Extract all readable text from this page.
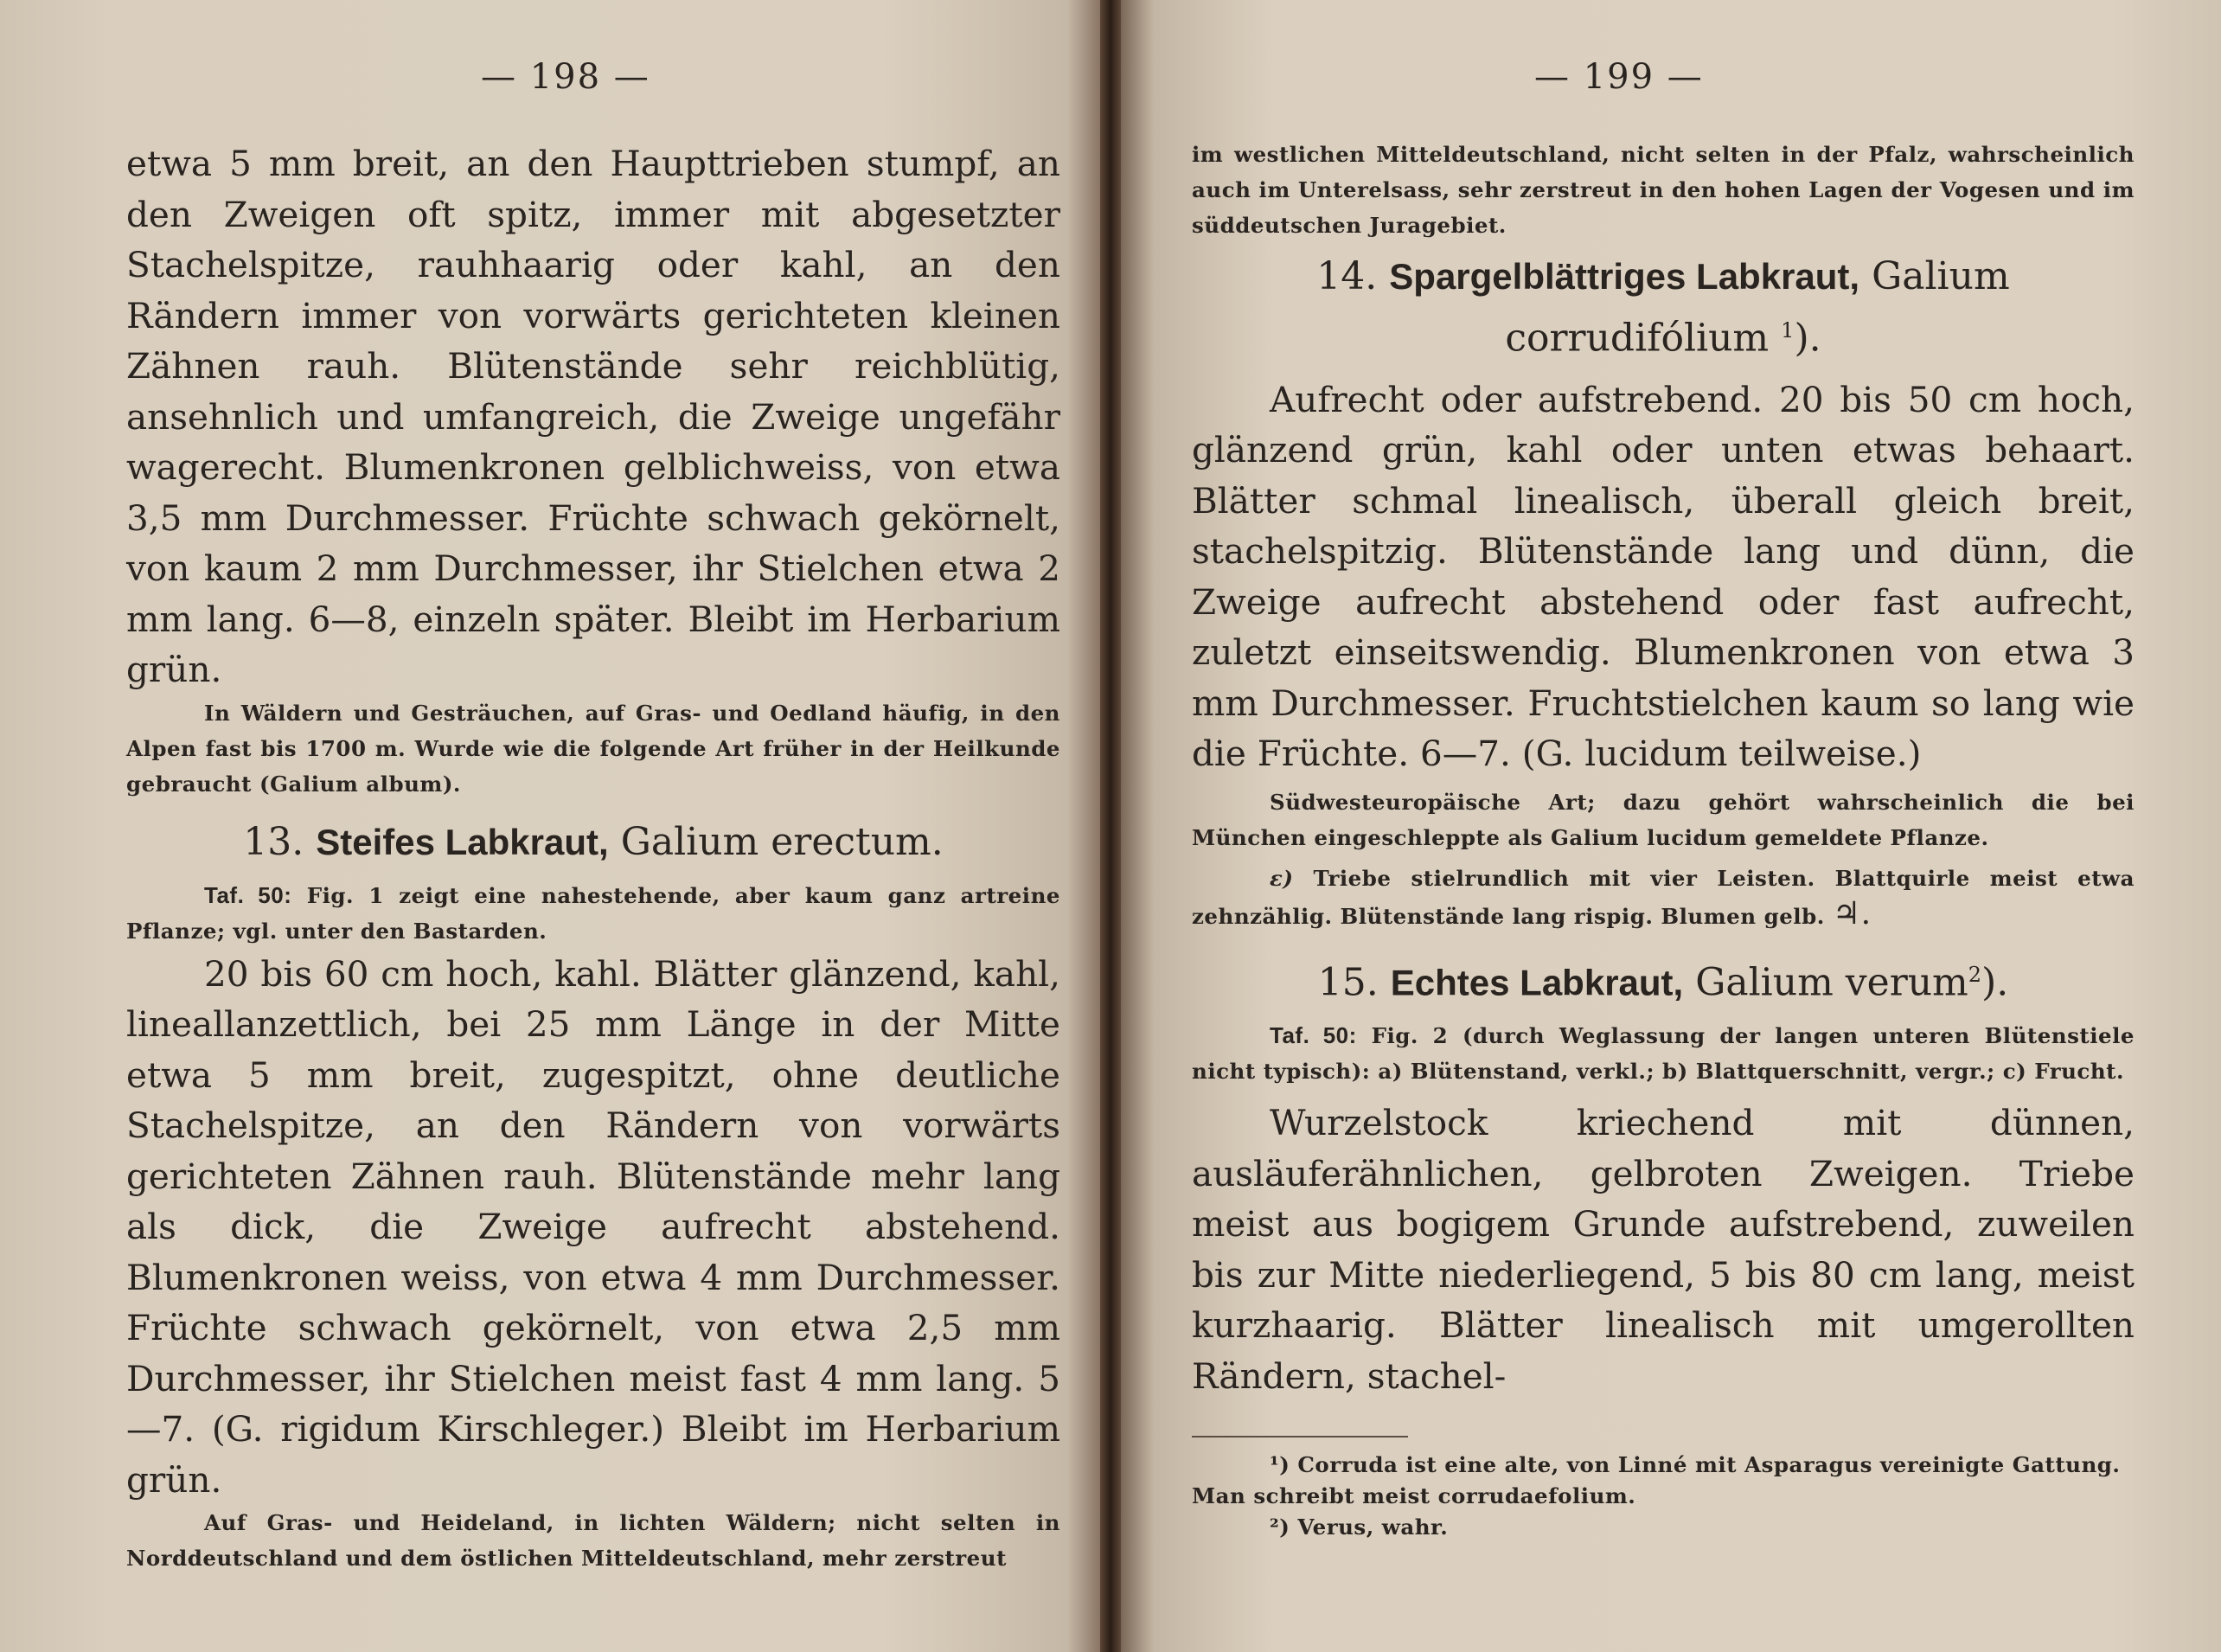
— 198 —

etwa 5 mm breit, an den Haupttrieben stumpf, an den Zweigen oft spitz, immer mit abgesetzter Stachelspitze, rauhhaarig oder kahl, an den Rändern immer von vorwärts gerichteten kleinen Zähnen rauh. Blütenstände sehr reichblütig, ansehnlich und umfangreich, die Zweige ungefähr wagerecht. Blumenkronen gelblichweiss, von etwa 3,5 mm Durchmesser. Früchte schwach gekörnelt, von kaum 2 mm Durchmesser, ihr Stielchen etwa 2 mm lang. 6—8, einzeln später. Bleibt im Herbarium grün.

In Wäldern und Gesträuchen, auf Gras- und Oedland häufig, in den Alpen fast bis 1700 m. Wurde wie die folgende Art früher in der Heilkunde gebraucht (Galium album).

13. Steifes Labkraut, Galium erectum.

Taf. 50: Fig. 1 zeigt eine nahestehende, aber kaum ganz artreine Pflanze; vgl. unter den Bastarden.

20 bis 60 cm hoch, kahl. Blätter glänzend, kahl, lineallanzettlich, bei 25 mm Länge in der Mitte etwa 5 mm breit, zugespitzt, ohne deutliche Stachelspitze, an den Rändern von vorwärts gerichteten Zähnen rauh. Blütenstände mehr lang als dick, die Zweige aufrecht abstehend. Blumenkronen weiss, von etwa 4 mm Durchmesser. Früchte schwach gekörnelt, von etwa 2,5 mm Durchmesser, ihr Stielchen meist fast 4 mm lang. 5—7. (G. rigidum Kirschleger.) Bleibt im Herbarium grün.

Auf Gras- und Heideland, in lichten Wäldern; nicht selten in Norddeutschland und dem östlichen Mitteldeutschland, mehr zerstreut

— 199 —

im westlichen Mitteldeutschland, nicht selten in der Pfalz, wahrscheinlich auch im Unterelsass, sehr zerstreut in den hohen Lagen der Vogesen und im süddeutschen Juragebiet.

14. Spargelblättriges Labkraut, Galium
corrudifólium $^1$).

Aufrecht oder aufstrebend. 20 bis 50 cm hoch, glänzend grün, kahl oder unten etwas behaart. Blätter schmal linealisch, überall gleich breit, stachelspitzig. Blütenstände lang und dünn, die Zweige aufrecht abstehend oder fast aufrecht, zuletzt einseitswendig. Blumenkronen von etwa 3 mm Durchmesser. Fruchtstielchen kaum so lang wie die Früchte. 6—7. (G. lucidum teilweise.)

Südwesteuropäische Art; dazu gehört wahrscheinlich die bei München eingeschleppte als Galium lucidum gemeldete Pflanze.

ε) Triebe stielrundlich mit vier Leisten. Blattquirle meist etwa zehnzählig. Blütenstände lang rispig. Blumen gelb. ♃.

15. Echtes Labkraut, Galium verum$^2$).

Taf. 50: Fig. 2 (durch Weglassung der langen unteren Blütenstiele nicht typisch): a) Blütenstand, verkl.; b) Blattquerschnitt, vergr.; c) Frucht.

Wurzelstock kriechend mit dünnen, ausläuferähnlichen, gelbroten Zweigen. Triebe meist aus bogigem Grunde aufstrebend, zuweilen bis zur Mitte niederliegend, 5 bis 80 cm lang, meist kurzhaarig. Blätter linealisch mit umgerollten Rändern, stachel-

¹) Corruda ist eine alte, von Linné mit Asparagus vereinigte Gattung. Man schreibt meist corrudaefolium.

²) Verus, wahr.
